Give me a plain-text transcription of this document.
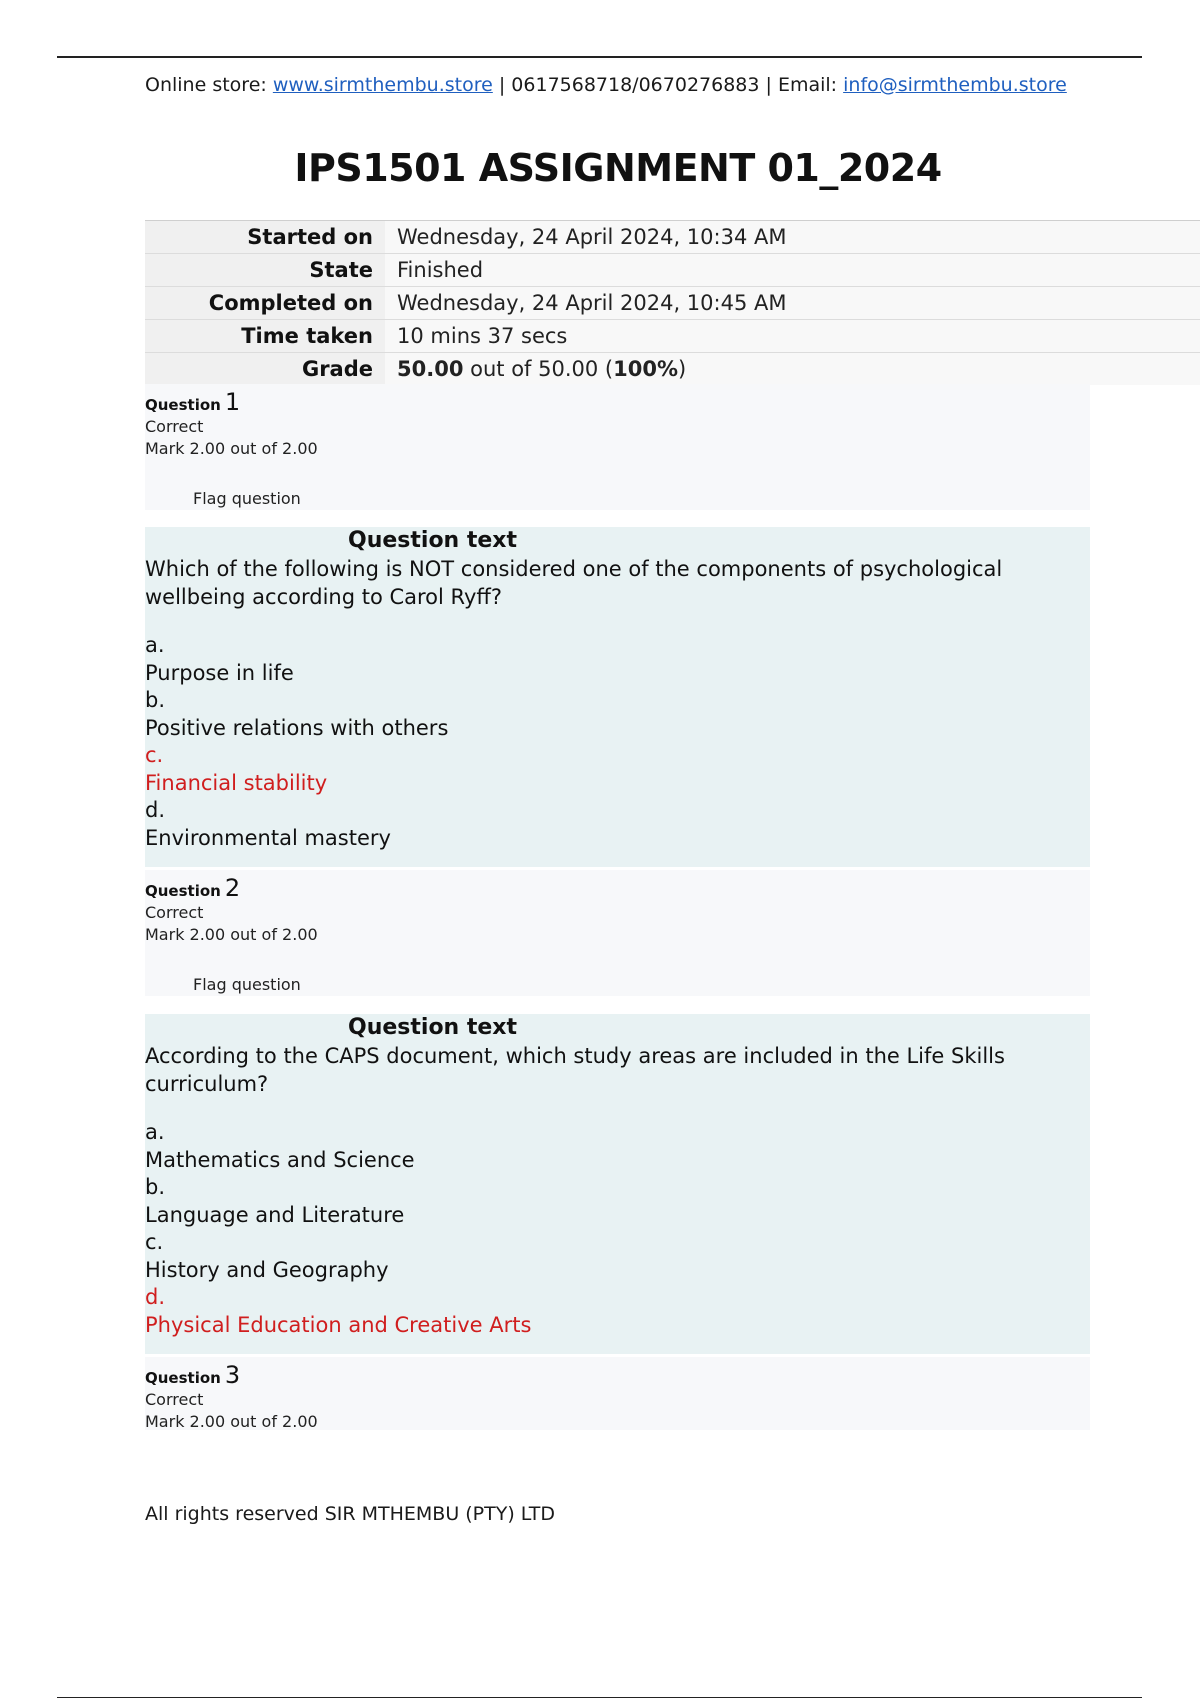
Online store: www.sirmthembu.store | 0617568718/0670276883 | Email: info@sirmthembu.store
IPS1501 ASSIGNMENT 01_2024
Started on	Wednesday, 24 April 2024, 10:34 AM
State	Finished
Completed on	Wednesday, 24 April 2024, 10:45 AM
Time taken	10 mins 37 secs
Grade	50.00 out of 50.00 (100%)
Question 1
Correct
Mark 2.00 out of 2.00
Flag question
Question text
Which of the following is NOT considered one of the components of psychological wellbeing according to Carol Ryff?
a.
Purpose in life
b.
Positive relations with others
c.
Financial stability
d.
Environmental mastery
Question 2
Correct
Mark 2.00 out of 2.00
Flag question
Question text
According to the CAPS document, which study areas are included in the Life Skills curriculum?
a.
Mathematics and Science
b.
Language and Literature
c.
History and Geography
d.
Physical Education and Creative Arts
Question 3
Correct
Mark 2.00 out of 2.00
All rights reserved SIR MTHEMBU (PTY) LTD
